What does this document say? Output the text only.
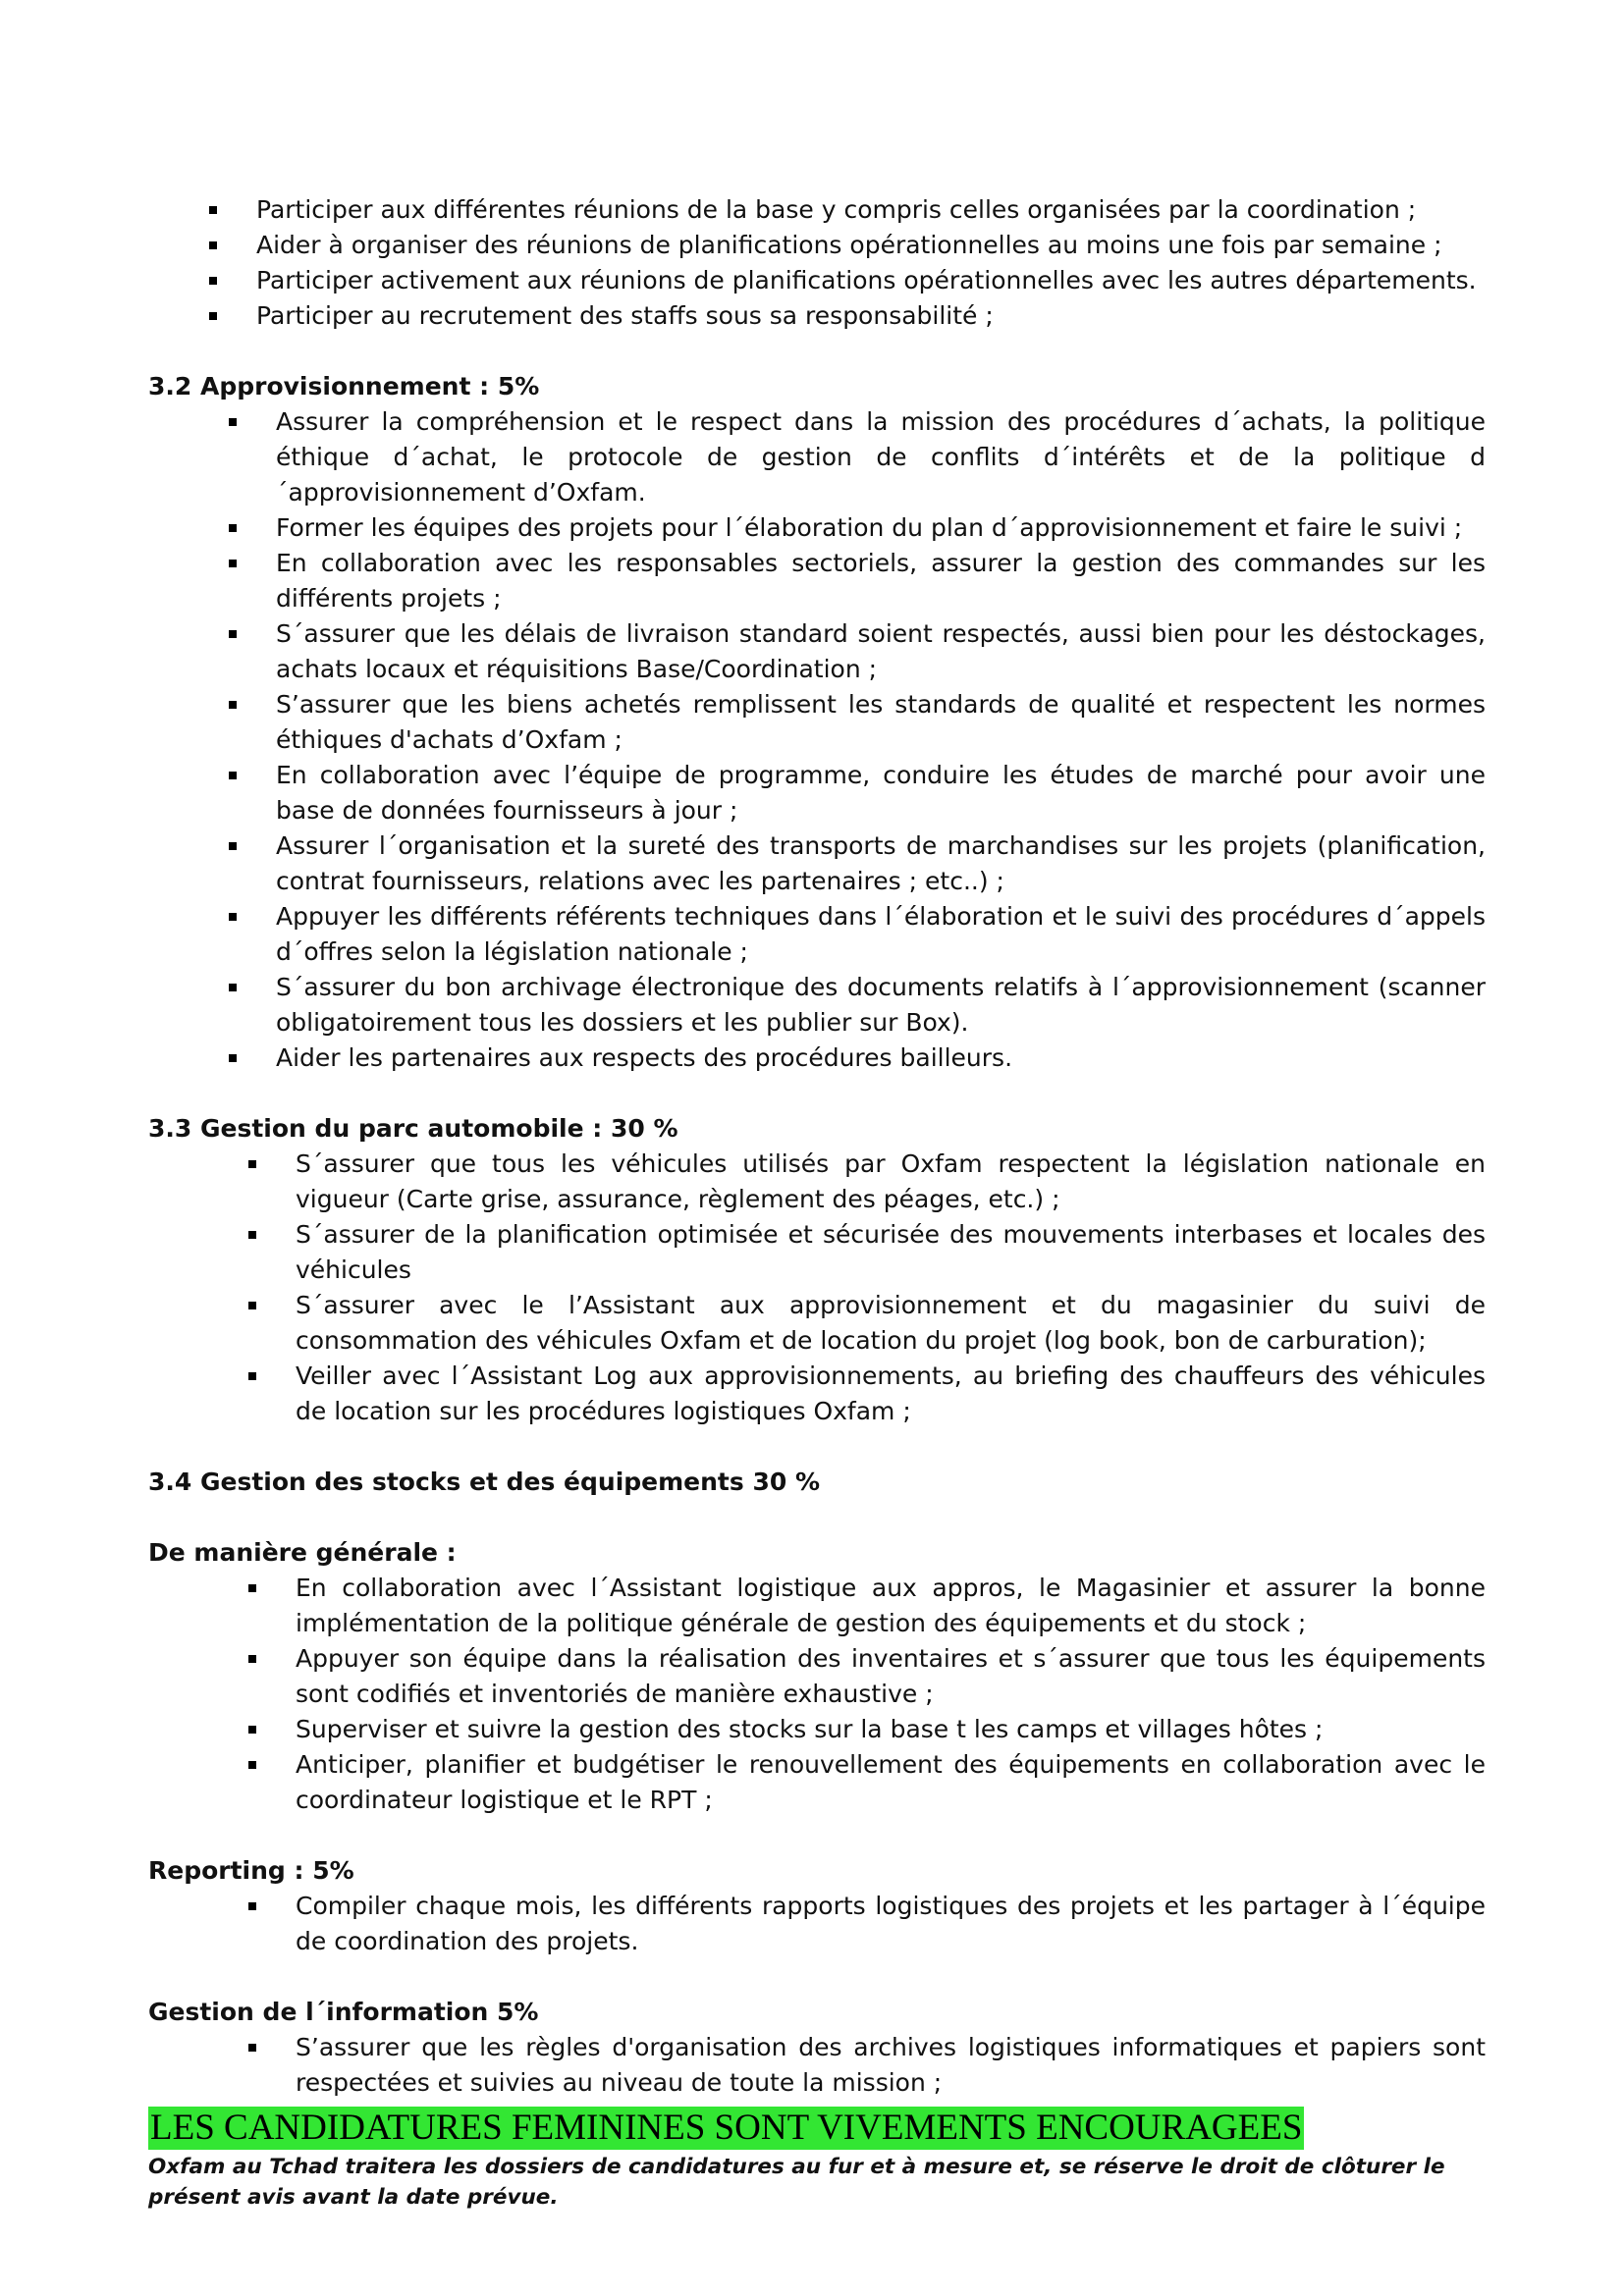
Participer aux différentes réunions de la base y compris celles organisées par la coordination ;
Aider à organiser des réunions de planifications opérationnelles au moins une fois par semaine ;
Participer activement aux réunions de planifications opérationnelles avec les autres départements.
Participer au recrutement des staffs sous sa responsabilité ;
3.2 Approvisionnement : 5%
Assurer la compréhension et le respect dans la mission des procédures d´achats, la politique éthique d´achat, le protocole de gestion de conflits d´intérêts et de la politique d´approvisionnement d’Oxfam.
Former les équipes des projets pour l´élaboration du plan d´approvisionnement et faire le suivi ;
En collaboration avec les responsables sectoriels, assurer la gestion des commandes sur les différents projets ;
S´assurer que les délais de livraison standard soient respectés, aussi bien pour les déstockages, achats locaux et réquisitions Base/Coordination ;
S’assurer que les biens achetés remplissent les standards de qualité et respectent les normes éthiques d'achats d’Oxfam ;
En collaboration avec l’équipe de programme, conduire les études de marché pour avoir une base de données fournisseurs à jour ;
Assurer l´organisation et la sureté des transports de marchandises sur les projets (planification, contrat fournisseurs, relations avec les partenaires ; etc..) ;
Appuyer les différents référents techniques dans l´élaboration et le suivi des procédures d´appels d´offres selon la législation nationale ;
S´assurer du bon archivage électronique des documents relatifs à l´approvisionnement (scanner obligatoirement tous les dossiers et les publier sur Box).
Aider les partenaires aux respects des procédures bailleurs.
3.3 Gestion du parc automobile : 30 %
S´assurer que tous les véhicules utilisés par Oxfam respectent la législation nationale en vigueur (Carte grise, assurance, règlement des péages, etc.) ;
S´assurer de la planification optimisée et sécurisée des mouvements interbases et locales des véhicules
S´assurer avec le l’Assistant aux approvisionnement et du magasinier du suivi de consommation des véhicules Oxfam et de location du projet (log book, bon de carburation);
Veiller avec l´Assistant Log aux approvisionnements, au briefing des chauffeurs des véhicules de location sur les procédures logistiques Oxfam ;
3.4 Gestion des stocks et des équipements 30 %
De manière générale :
En collaboration avec l´Assistant logistique aux appros, le Magasinier et assurer la bonne implémentation de la politique générale de gestion des équipements et du stock ;
Appuyer son équipe dans la réalisation des inventaires et s´assurer que tous les équipements sont codifiés et inventoriés de manière exhaustive ;
Superviser et suivre la gestion des stocks sur la base t les camps et villages hôtes ;
Anticiper, planifier et budgétiser le renouvellement des équipements en collaboration avec le coordinateur logistique et le RPT ;
Reporting : 5%
Compiler chaque mois, les différents rapports logistiques des projets et les partager à l´équipe de coordination des projets.
Gestion de l´information 5%
S’assurer que les règles d'organisation des archives logistiques informatiques et papiers sont respectées et suivies au niveau de toute la mission ;
LES CANDIDATURES FEMININES SONT VIVEMENTS ENCOURAGEES
Oxfam au Tchad traitera les dossiers de candidatures au fur et à mesure et, se réserve le droit de clôturer le présent avis avant la date prévue.
